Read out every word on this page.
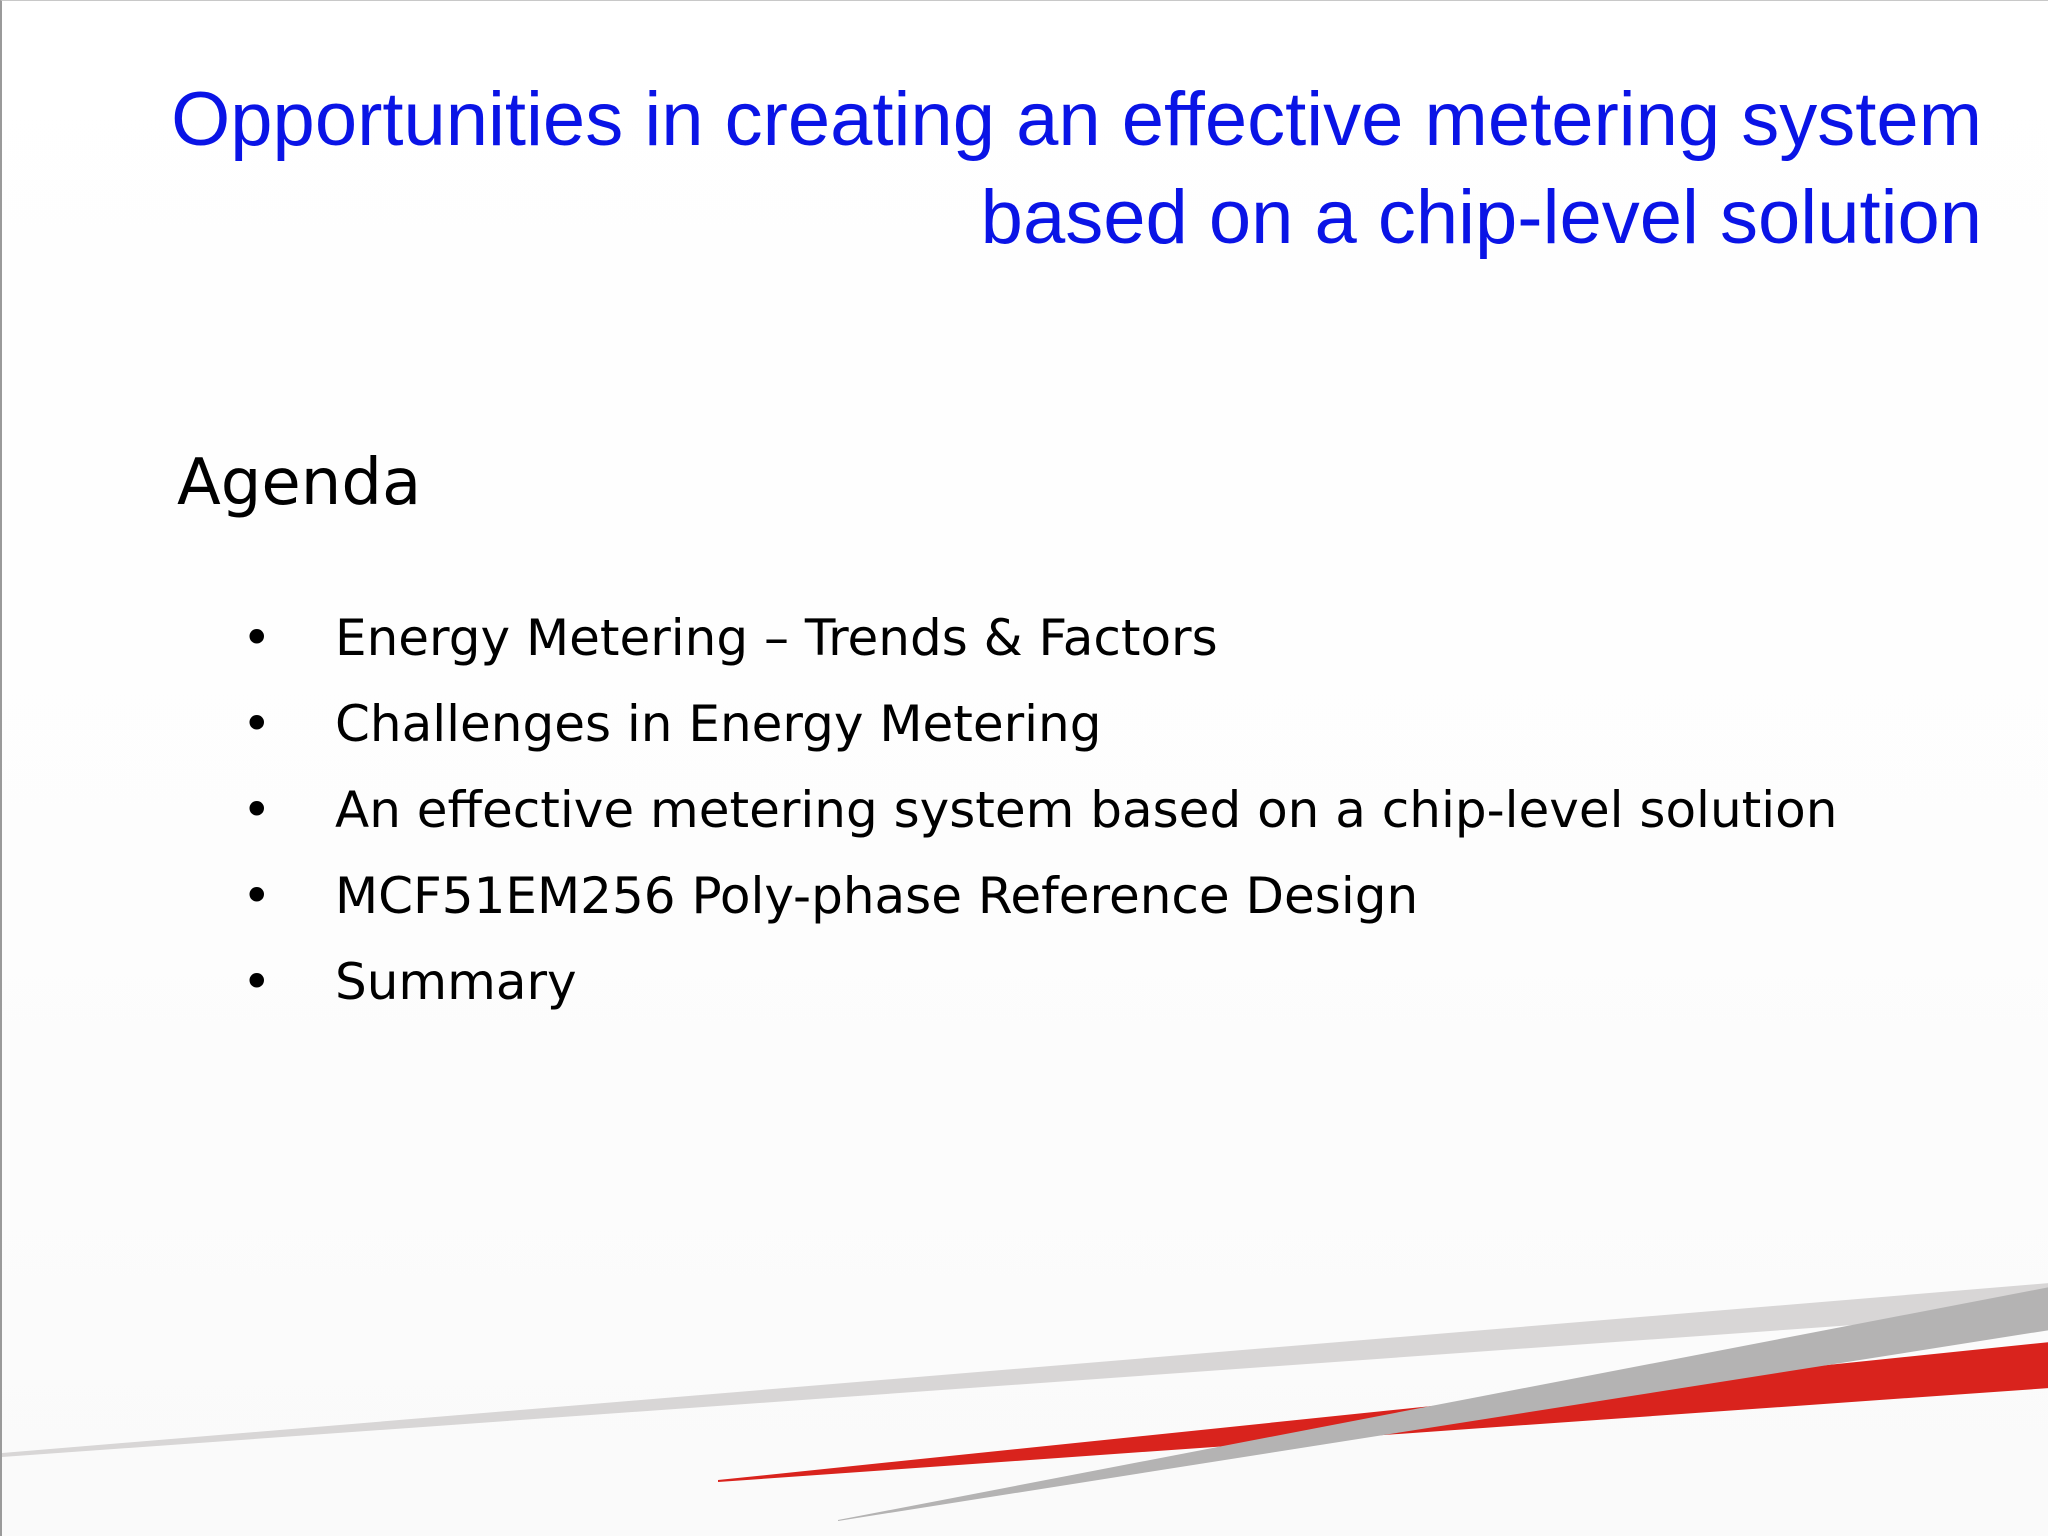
Opportunities in creating an effective metering system
based on a chip-level solution
Agenda
• Energy Metering – Trends & Factors
• Challenges in Energy Metering
• An effective metering system based on a chip-level solution
• MCF51EM256 Poly-phase Reference Design
• Summary
